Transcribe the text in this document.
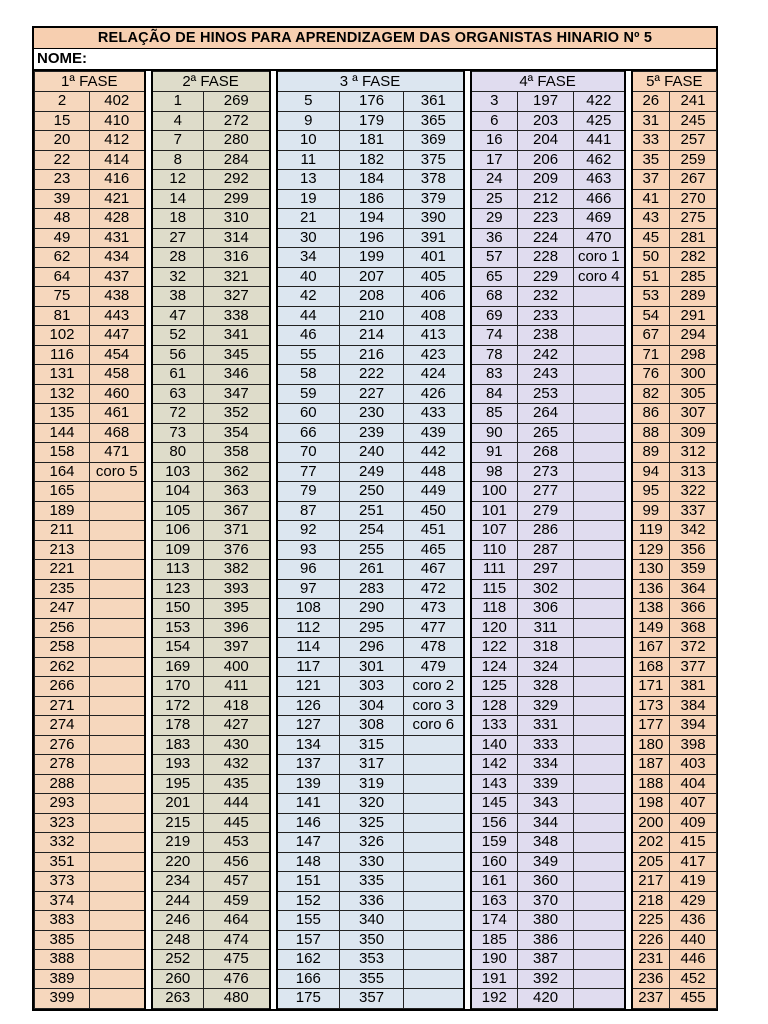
RELAÇÃO DE HINOS PARA APRENDIZAGEM DAS ORGANISTAS HINARIO Nº 5
NOME:
1ª FASE			2ª FASE			3 ª FASE				4ª FASE				5ª FASE	
2	402		1	269		5	176	361		3	197	422		26	241
15	410		4	272		9	179	365		6	203	425		31	245
20	412		7	280		10	181	369		16	204	441		33	257
22	414		8	284		11	182	375		17	206	462		35	259
23	416		12	292		13	184	378		24	209	463		37	267
39	421		14	299		19	186	379		25	212	466		41	270
48	428		18	310		21	194	390		29	223	469		43	275
49	431		27	314		30	196	391		36	224	470		45	281
62	434		28	316		34	199	401		57	228	coro 1		50	282
64	437		32	321		40	207	405		65	229	coro 4		51	285
75	438		38	327		42	208	406		68	232			53	289
81	443		47	338		44	210	408		69	233			54	291
102	447		52	341		46	214	413		74	238			67	294
116	454		56	345		55	216	423		78	242			71	298
131	458		61	346		58	222	424		83	243			76	300
132	460		63	347		59	227	426		84	253			82	305
135	461		72	352		60	230	433		85	264			86	307
144	468		73	354		66	239	439		90	265			88	309
158	471		80	358		70	240	442		91	268			89	312
164	coro 5		103	362		77	249	448		98	273			94	313
165			104	363		79	250	449		100	277			95	322
189			105	367		87	251	450		101	279			99	337
211			106	371		92	254	451		107	286			119	342
213			109	376		93	255	465		110	287			129	356
221			113	382		96	261	467		111	297			130	359
235			123	393		97	283	472		115	302			136	364
247			150	395		108	290	473		118	306			138	366
256			153	396		112	295	477		120	311			149	368
258			154	397		114	296	478		122	318			167	372
262			169	400		117	301	479		124	324			168	377
266			170	411		121	303	coro 2		125	328			171	381
271			172	418		126	304	coro 3		128	329			173	384
274			178	427		127	308	coro 6		133	331			177	394
276			183	430		134	315			140	333			180	398
278			193	432		137	317			142	334			187	403
288			195	435		139	319			143	339			188	404
293			201	444		141	320			145	343			198	407
323			215	445		146	325			156	344			200	409
332			219	453		147	326			159	348			202	415
351			220	456		148	330			160	349			205	417
373			234	457		151	335			161	360			217	419
374			244	459		152	336			163	370			218	429
383			246	464		155	340			174	380			225	436
385			248	474		157	350			185	386			226	440
388			252	475		162	353			190	387			231	446
389			260	476		166	355			191	392			236	452
399			263	480		175	357			192	420			237	455
